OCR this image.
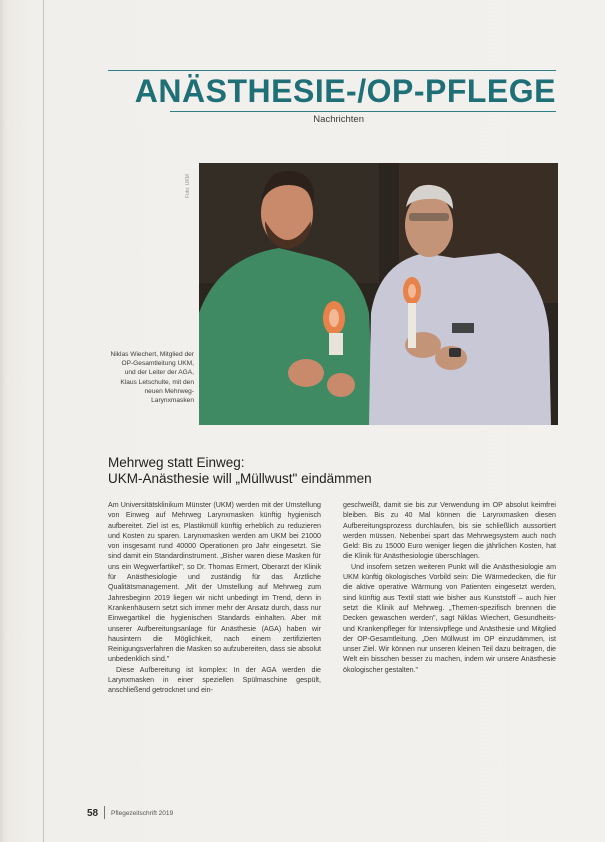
ANÄSTHESIE-/OP-PFLEGE
Nachrichten
Foto: UKM
Niklas Wiechert, Mitglied der OP-Gesamtleitung UKM, und der Leiter der AGA, Klaus Letschulte, mit den neuen Mehrweg-Larynxmasken
Mehrweg statt Einweg:
UKM-Anästhesie will „Müllwust" eindämmen

Am Universitätsklinikum Münster (UKM) werden mit der Umstellung von Einweg auf Mehrweg Larynxmasken künftig hygienisch aufbereitet. Ziel ist es, Plastikmüll künftig erheblich zu reduzieren und Kosten zu sparen. Larynxmasken werden am UKM bei 21000 von insgesamt rund 40000 Operationen pro Jahr eingesetzt. Sie sind damit ein Standardinstrument. „Bisher waren diese Masken für uns ein Wegwerfartikel", so Dr. Thomas Ermert, Oberarzt der Klinik für Anästhesiologie und zuständig für das Ärztliche Qualitätsmanagement. „Mit der Umstellung auf Mehrweg zum Jahresbeginn 2019 liegen wir nicht unbedingt im Trend, denn in Krankenhäusern setzt sich immer mehr der Ansatz durch, dass nur Einwegartikel die hygienischen Standards einhalten. Aber mit unserer Aufbereitungsanlage für Anästhesie (AGA) haben wir hausintern die Möglichkeit, nach einem zertifizierten Reinigungsverfahren die Masken so aufzubereiten, dass sie absolut unbedenklich sind."

Diese Aufbereitung ist komplex: In der AGA werden die Larynxmasken in einer speziellen Spülmaschine gespült, anschließend getrocknet und ein-

geschweißt, damit sie bis zur Verwendung im OP absolut keimfrei bleiben. Bis zu 40 Mal können die Larynxmasken diesen Aufbereitungsprozess durchlaufen, bis sie schließlich aussortiert werden müssen. Nebenbei spart das Mehrwegsystem auch noch Geld: Bis zu 15000 Euro weniger liegen die jährlichen Kosten, hat die Klinik für Anästhesiologie überschlagen.

Und insofern setzen weiteren Punkt will die Anästhesiologie am UKM künftig ökologisches Vorbild sein: Die Wärmedecken, die für die aktive operative Wärmung von Patienten eingesetzt werden, sind künftig aus Textil statt wie bisher aus Kunststoff – auch hier setzt die Klinik auf Mehrweg. „Themen-spezifisch brennen die Decken gewaschen werden", sagt Niklas Wiechert, Gesundheits- und Krankenpfleger für Intensivpflege und Anästhesie und Mitglied der OP-Gesamtleitung. „Den Müllwust im OP einzudämmen, ist unser Ziel. Wir können nur unseren kleinen Teil dazu beitragen, die Welt ein bisschen besser zu machen, indem wir unsere Anästhesie ökologischer gestalten."

58 Pflegezeitschrift 2019
